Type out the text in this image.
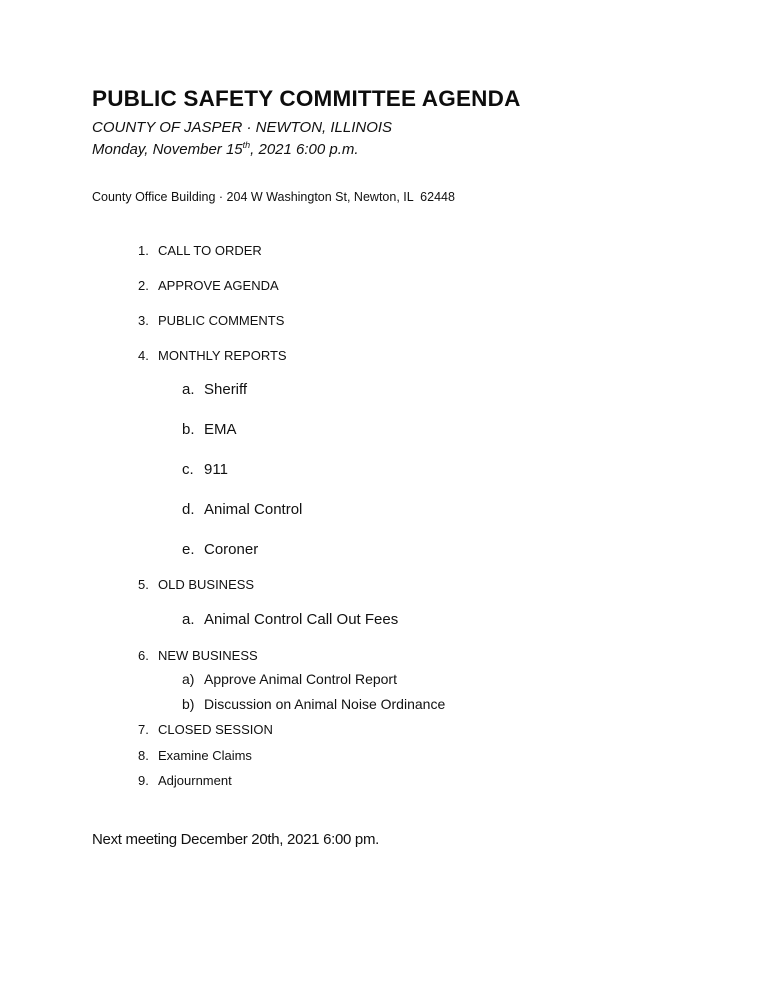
PUBLIC SAFETY COMMITTEE AGENDA

COUNTY OF JASPER · NEWTON, ILLINOIS

Monday, November 15th, 2021 6:00 p.m.

County Office Building · 204 W Washington St, Newton, IL  62448

1. CALL TO ORDER
2. APPROVE AGENDA
3. PUBLIC COMMENTS
4. MONTHLY REPORTS
a. Sheriff
b. EMA
c. 911
d. Animal Control
e. Coroner
5. OLD BUSINESS
a. Animal Control Call Out Fees
6. NEW BUSINESS
a) Approve Animal Control Report
b) Discussion on Animal Noise Ordinance
7. CLOSED SESSION
8. Examine Claims
9. Adjournment

Next meeting December 20th, 2021 6:00 pm.
